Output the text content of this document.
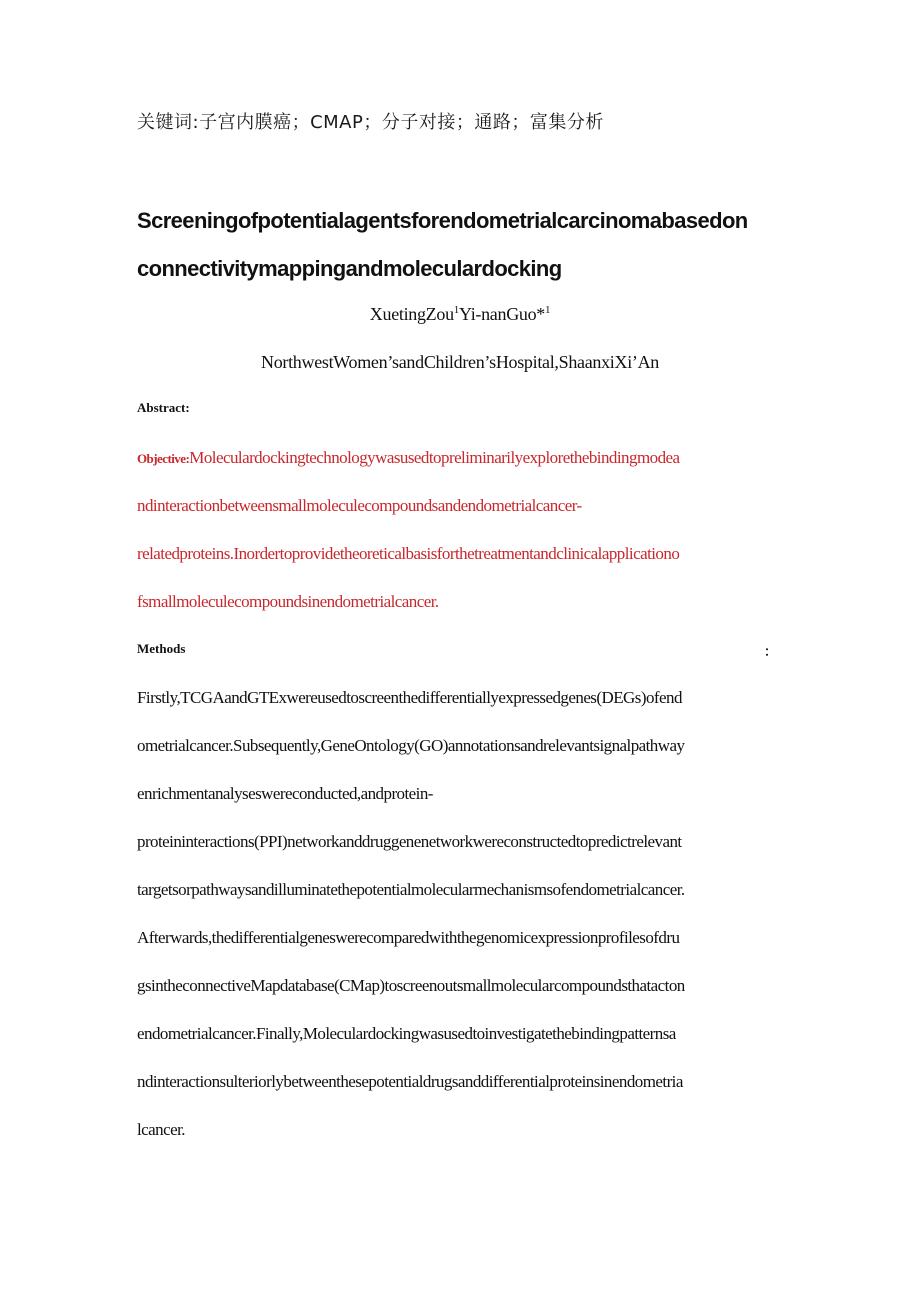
关键词:子宫内膜癌；CMAP；分子对接；通路；富集分析

Screeningofpotentialagentsforendometrialcarcinomabasedon

connectivitymappingandmoleculardocking

XuetingZou$^1$Yi-nanGuo*$^1$

NorthwestWomen’sandChildren’sHospital,ShaanxiXi’An

Abstract:

Objective:Moleculardockingtechnologywasusedtopreliminarilyexplorethebindingmodea

ndinteractionbetweensmallmoleculecompoundsandendometrialcancer-

relatedproteins.Inordertoprovidetheoreticalbasisforthetreatmentandclinicalapplicationo

fsmallmoleculecompoundsinendometrialcancer.

Methods	：

Firstly,TCGAandGTExwereusedtoscreenthedifferentiallyexpressedgenes(DEGs)ofend

ometrialcancer.Subsequently,GeneOntology(GO)annotationsandrelevantsignalpathway

enrichmentanalyseswereconducted,andprotein-

proteininteractions(PPI)networkanddruggenenetworkwereconstructedtopredictrelevant

targetsorpathwaysandilluminatethepotentialmolecularmechanismsofendometrialcancer.

Afterwards,thedifferentialgeneswerecomparedwiththegenomicexpressionprofilesofdru

gsintheconnectiveMapdatabase(CMap)toscreenoutsmallmolecularcompoundsthatacton

endometrialcancer.Finally,Moleculardockingwasusedtoinvestigatethebindingpatternsa

ndinteractionsulteriorlybetweenthesepotentialdrugsanddifferentialproteinsinendometria

lcancer.
